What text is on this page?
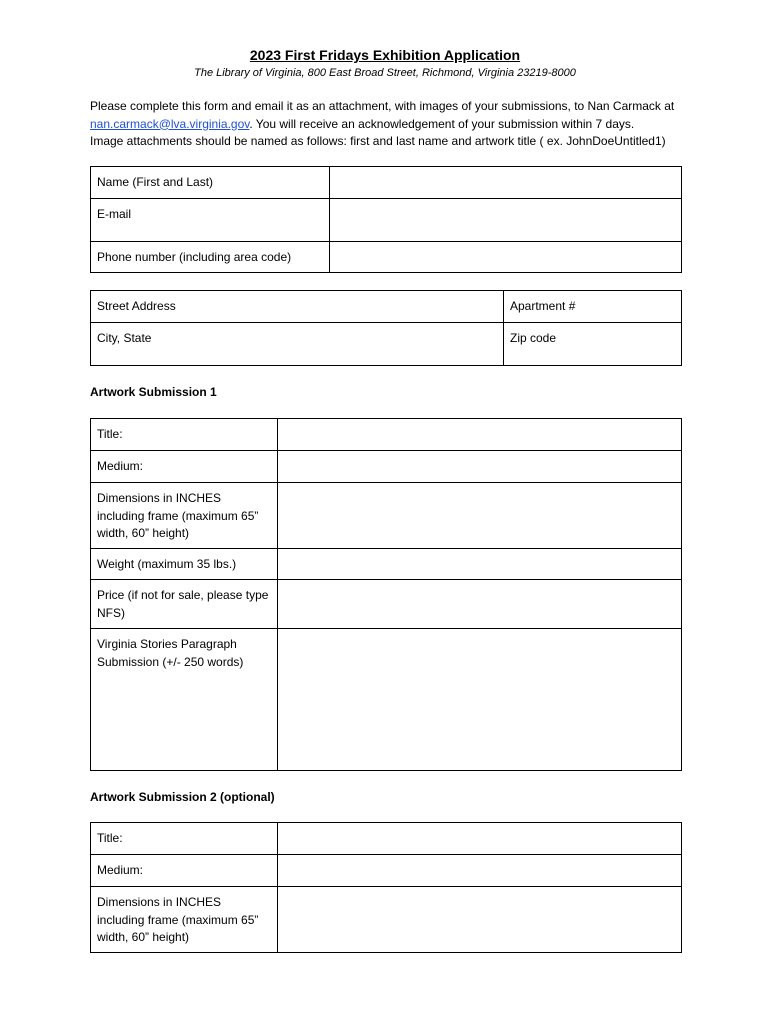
2023 First Fridays Exhibition Application
The Library of Virginia, 800 East Broad Street, Richmond, Virginia 23219-8000
Please complete this form and email it as an attachment, with images of your submissions, to Nan Carmack at
nan.carmack@lva.virginia.gov. You will receive an acknowledgement of your submission within 7 days.
Image attachments should be named as follows: first and last name and artwork title ( ex. JohnDoeUntitled1)
Name (First and Last)	
E-mail	
Phone number (including area code)	
Street Address	Apartment #
City, State	Zip code
Artwork Submission 1
Title:	
Medium:	
Dimensions in INCHES including frame (maximum 65” width, 60” height)	
Weight (maximum 35 lbs.)	
Price (if not for sale, please type NFS)	
Virginia Stories Paragraph Submission (+/- 250 words)	
Artwork Submission 2 (optional)
Title:	
Medium:	
Dimensions in INCHES including frame (maximum 65” width, 60” height)	
